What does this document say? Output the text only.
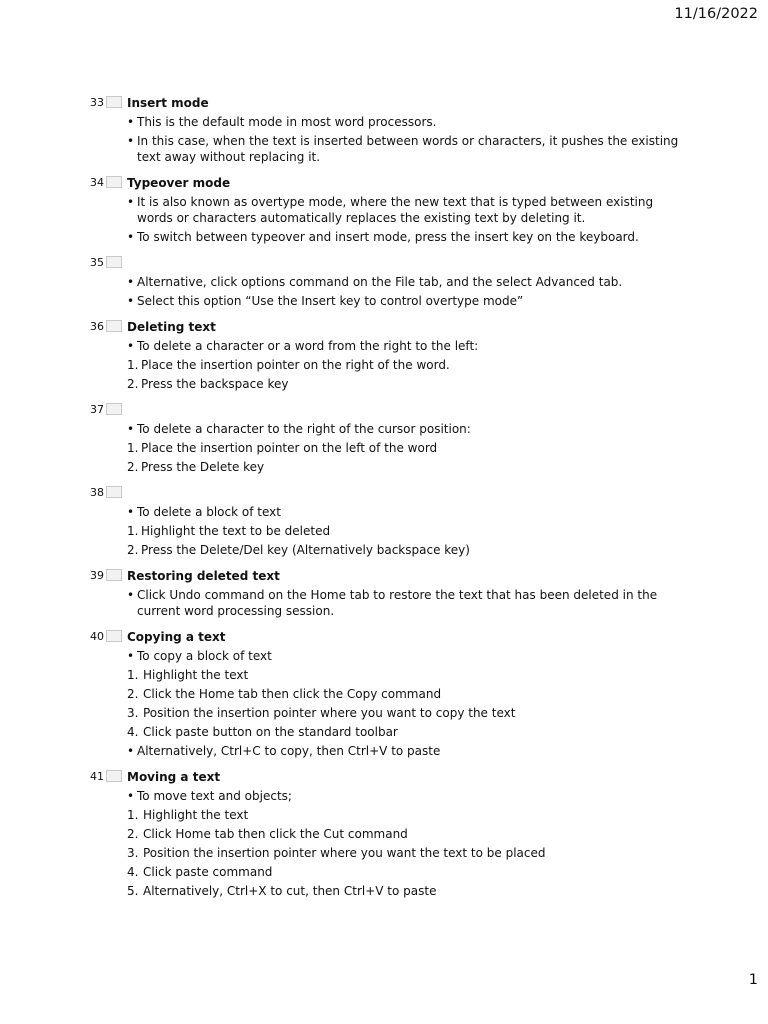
11/16/2022
33 Insert mode
• This is the default mode in most word processors.
• In this case, when the text is inserted between words or characters, it pushes the existing text away without replacing it.
34 Typeover mode
• It is also known as overtype mode, where the new text that is typed between existing words or characters automatically replaces the existing text by deleting it.
• To switch between typeover and insert mode, press the insert key on the keyboard.
35
• Alternative, click options command on the File tab, and the select Advanced tab.
• Select this option “Use the Insert key to control overtype mode”
36 Deleting text
• To delete a character or a word from the right to the left:
1. Place the insertion pointer on the right of the word.
2. Press the backspace key
37
• To delete a character to the right of the cursor position:
1. Place the insertion pointer on the left of the word
2. Press the Delete key
38
• To delete a block of text
1. Highlight the text to be deleted
2. Press the Delete/Del key (Alternatively backspace key)
39 Restoring deleted text
• Click Undo command on the Home tab to restore the text that has been deleted in the current word processing session.
40 Copying a text
• To copy a block of text
1. Highlight the text
2. Click the Home tab then click the Copy command
3. Position the insertion pointer where you want to copy the text
4. Click paste button on the standard toolbar
• Alternatively, Ctrl+C to copy, then Ctrl+V to paste
41 Moving a text
• To move text and objects;
1. Highlight the text
2. Click Home tab then click the Cut command
3. Position the insertion pointer where you want the text to be placed
4. Click paste command
5. Alternatively, Ctrl+X to cut, then Ctrl+V to paste
1
